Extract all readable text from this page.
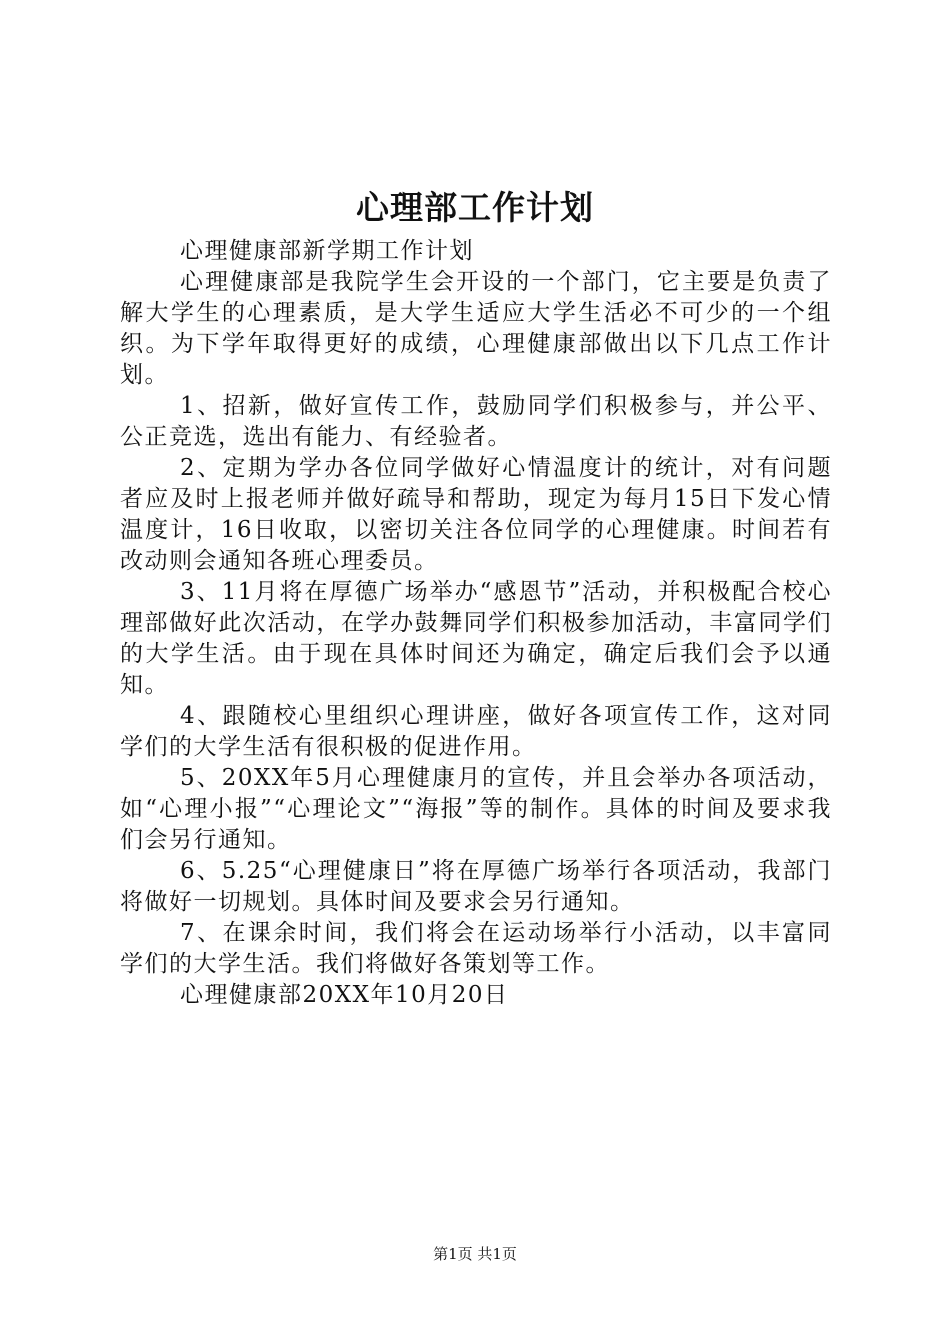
心理部工作计划

心理健康部新学期工作计划

心理健康部是我院学生会开设的一个部门，它主要是负责了解大学生的心理素质，是大学生适应大学生活必不可少的一个组织。为下学年取得更好的成绩，心理健康部做出以下几点工作计划。

1、招新，做好宣传工作，鼓励同学们积极参与，并公平、公正竞选，选出有能力、有经验者。

2、定期为学办各位同学做好心情温度计的统计，对有问题者应及时上报老师并做好疏导和帮助，现定为每月15日下发心情温度计，16日收取，以密切关注各位同学的心理健康。时间若有改动则会通知各班心理委员。

3、11月将在厚德广场举办“感恩节”活动，并积极配合校心理部做好此次活动，在学办鼓舞同学们积极参加活动，丰富同学们的大学生活。由于现在具体时间还为确定，确定后我们会予以通知。

4、跟随校心里组织心理讲座，做好各项宣传工作，这对同学们的大学生活有很积极的促进作用。

5、20XX年5月心理健康月的宣传，并且会举办各项活动，如“心理小报”“心理论文”“海报”等的制作。具体的时间及要求我们会另行通知。

6、5.25“心理健康日”将在厚德广场举行各项活动，我部门将做好一切规划。具体时间及要求会另行通知。

7、在课余时间，我们将会在运动场举行小活动，以丰富同学们的大学生活。我们将做好各策划等工作。

心理健康部20XX年10月20日

第1页 共1页
